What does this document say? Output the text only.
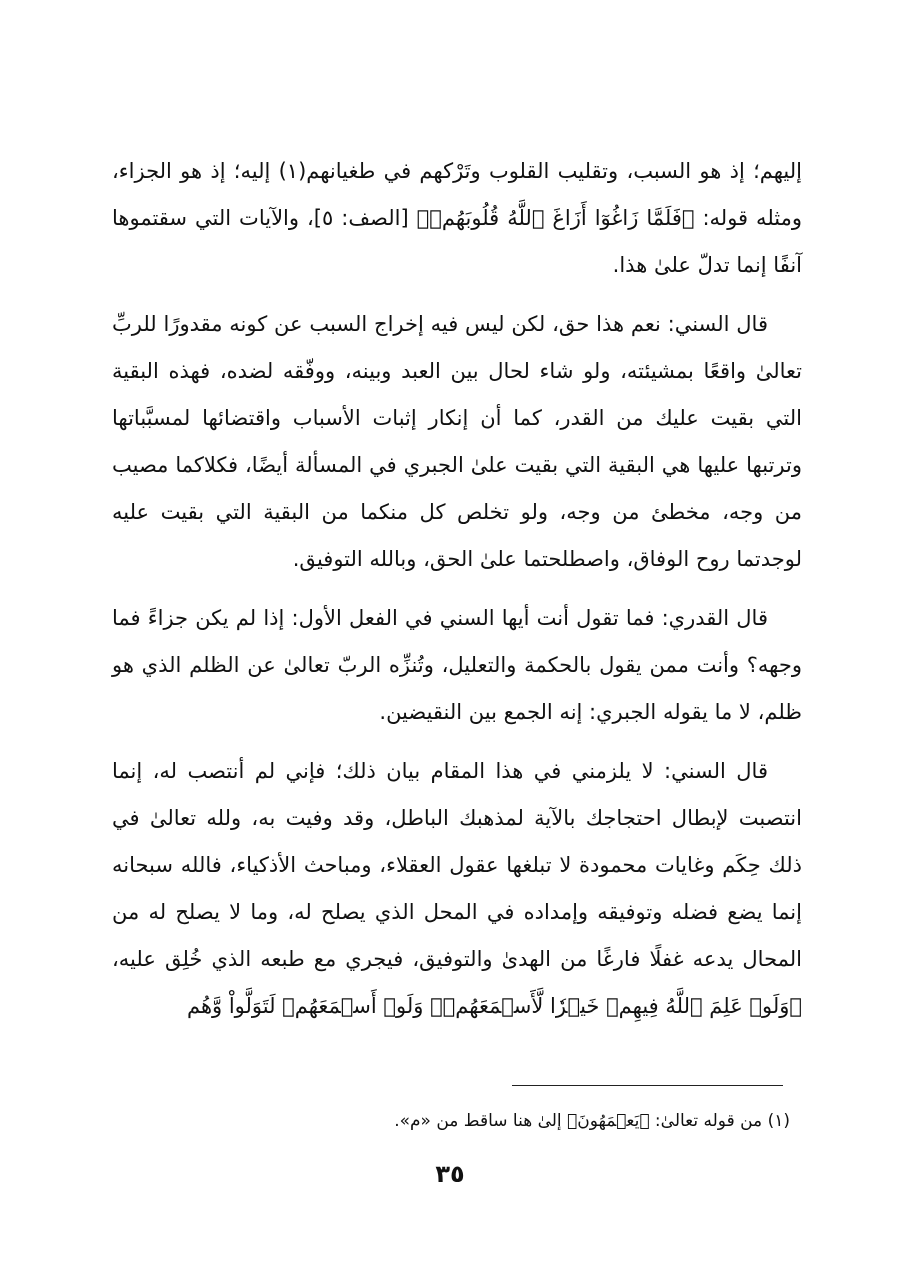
إليهم؛ إذ هو السبب، وتقليب القلوب وتَرْكهم في طغيانهم(١) إليه؛ إذ هو الجزاء، ومثله قوله: ﴿فَلَمَّا زَاغُوٓا أَزَاغَ ٱللَّهُ قُلُوبَهُمۡ﴾ [الصف: ٥]، والآيات التي سقتموها آنفًا إنما تدلّ علىٰ هذا.

قال السني: نعم هذا حق، لكن ليس فيه إخراج السبب عن كونه مقدورًا للربِّ تعالىٰ واقعًا بمشيئته، ولو شاء لحال بين العبد وبينه، ووفّقه لضده، فهذه البقية التي بقيت عليك من القدر، كما أن إنكار إثبات الأسباب واقتضائها لمسبَّباتها وترتبها عليها هي البقية التي بقيت علىٰ الجبري في المسألة أيضًا، فكلاكما مصيب من وجه، مخطئ من وجه، ولو تخلص كل منكما من البقية التي بقيت عليه لوجدتما روح الوفاق، واصطلحتما علىٰ الحق، وبالله التوفيق.

قال القدري: فما تقول أنت أيها السني في الفعل الأول: إذا لم يكن جزاءً فما وجهه؟ وأنت ممن يقول بالحكمة والتعليل، وتُنزِّه الربّ تعالىٰ عن الظلم الذي هو ظلم، لا ما يقوله الجبري: إنه الجمع بين النقيضين.

قال السني: لا يلزمني في هذا المقام بيان ذلك؛ فإني لم أنتصب له، إنما انتصبت لإبطال احتجاجك بالآية لمذهبك الباطل، وقد وفيت به، ولله تعالىٰ في ذلك حِكَم وغايات محمودة لا تبلغها عقول العقلاء، ومباحث الأذكياء، فالله سبحانه إنما يضع فضله وتوفيقه وإمداده في المحل الذي يصلح له، وما لا يصلح له من المحال يدعه غفلًا فارغًا من الهدىٰ والتوفيق، فيجري مع طبعه الذي خُلِق عليه، ﴿وَلَوۡ عَلِمَ ٱللَّهُ فِيهِمۡ خَيۡرٗا لَّأَسۡمَعَهُمۡۖ وَلَوۡ أَسۡمَعَهُمۡ لَتَوَلَّواْ وَّهُم

(١) من قوله تعالىٰ: ﴿يَعۡمَهُونَ﴾ إلىٰ هنا ساقط من «م».
٣٥
